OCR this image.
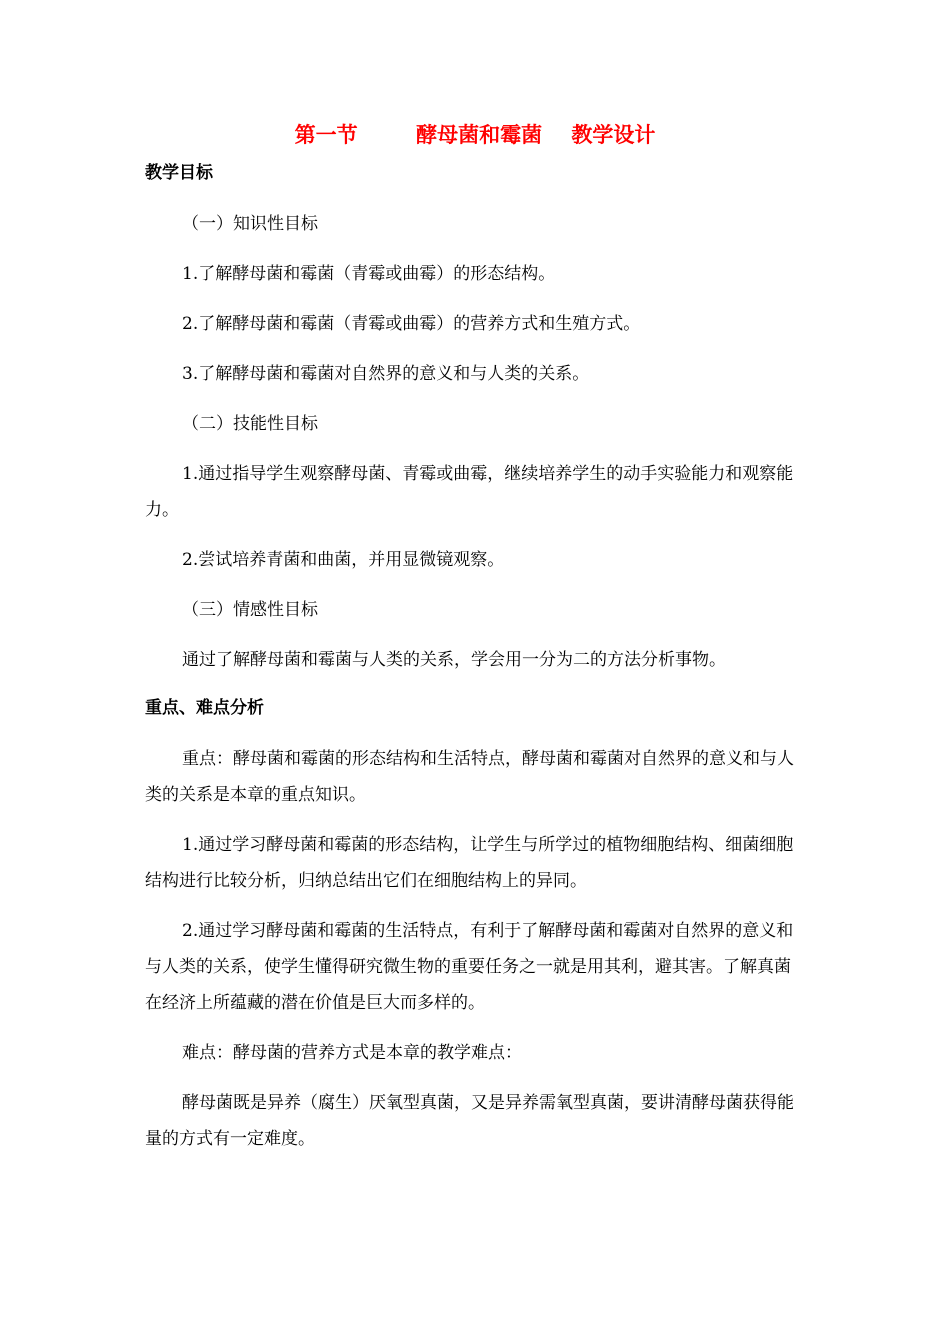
第一节        酵母菌和霉菌    教学设计
教学目标

（一）知识性目标

1.了解酵母菌和霉菌（青霉或曲霉）的形态结构。

2.了解酵母菌和霉菌（青霉或曲霉）的营养方式和生殖方式。

3.了解酵母菌和霉菌对自然界的意义和与人类的关系。

（二）技能性目标

1.通过指导学生观察酵母菌、青霉或曲霉，继续培养学生的动手实验能力和观察能力。

2.尝试培养青菌和曲菌，并用显微镜观察。

（三）情感性目标

通过了解酵母菌和霉菌与人类的关系，学会用一分为二的方法分析事物。

重点、难点分析

重点：酵母菌和霉菌的形态结构和生活特点，酵母菌和霉菌对自然界的意义和与人类的关系是本章的重点知识。

1.通过学习酵母菌和霉菌的形态结构，让学生与所学过的植物细胞结构、细菌细胞结构进行比较分析，归纳总结出它们在细胞结构上的异同。

2.通过学习酵母菌和霉菌的生活特点，有利于了解酵母菌和霉菌对自然界的意义和与人类的关系，使学生懂得研究微生物的重要任务之一就是用其利，避其害。了解真菌在经济上所蕴藏的潜在价值是巨大而多样的。

难点：酵母菌的营养方式是本章的教学难点：

酵母菌既是异养（腐生）厌氧型真菌，又是异养需氧型真菌，要讲清酵母菌获得能量的方式有一定难度。
